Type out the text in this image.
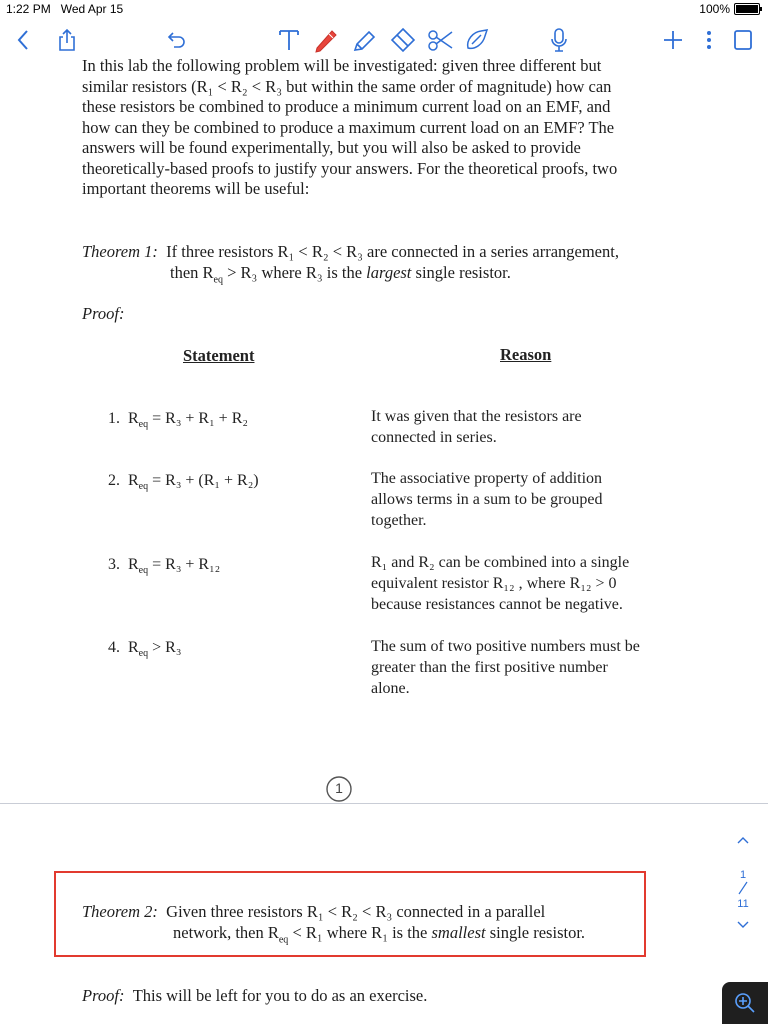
1:22 PM Wed Apr 15	100%
In this lab the following problem will be investigated: given three different but
similar resistors (R₁ < R₂ < R₃ but within the same order of magnitude) how can
these resistors be combined to produce a minimum current load on an EMF, and
how can they be combined to produce a maximum current load on an EMF? The
answers will be found experimentally, but you will also be asked to provide
theoretically-based proofs to justify your answers. For the theoretical proofs, two
important theorems will be useful:
Theorem 1: If three resistors R₁ < R₂ < R₃ are connected in a series arrangement,
then $R_{eq} > R_3$ where R₃ is the largest single resistor.
Proof:
Statement	Reason
1. $R_{eq} = R_3 + R_1 + R_2$	It was given that the resistors are
connected in series.
2. $R_{eq} = R_3 + (R_1 + R_2)$	The associative property of addition
allows terms in a sum to be grouped
together.
3. $R_{eq} = R_3 + R_{12}$	R₁ and R₂ can be combined into a single
equivalent resistor R₁₂ , where R₁₂ > 0
because resistances cannot be negative.
4. $R_{eq} > R_3$	The sum of two positive numbers must be
greater than the first positive number
alone.
1
Theorem 2: Given three resistors R₁ < R₂ < R₃ connected in a parallel
network, then $R_{eq} < R_1$ where R₁ is the smallest single resistor.
Proof: This will be left for you to do as an exercise.
1
11
